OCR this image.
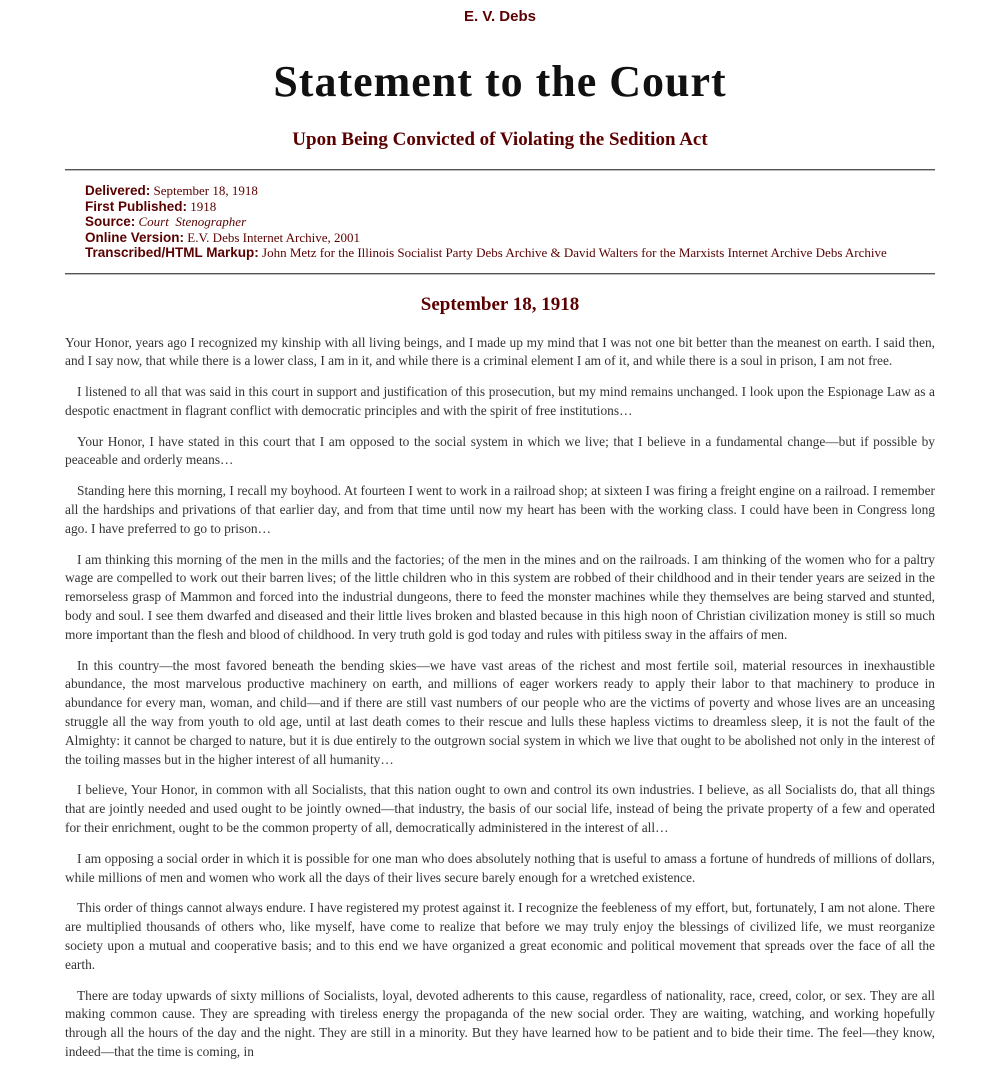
E. V. Debs
Statement to the Court
Upon Being Convicted of Violating the Sedition Act
Delivered: September 18, 1918
First Published: 1918
Source: Court  Stenographer
Online Version: E.V. Debs Internet Archive, 2001
Transcribed/HTML Markup: John Metz for the Illinois Socialist Party Debs Archive & David Walters for the Marxists Internet Archive Debs Archive
September 18, 1918

Your Honor, years ago I recognized my kinship with all living beings, and I made up my mind that I was not one bit better than the meanest on earth. I said then, and I say now, that while there is a lower class, I am in it, and while there is a criminal element I am of it, and while there is a soul in prison, I am not free.

I listened to all that was said in this court in support and justification of this prosecution, but my mind remains unchanged. I look upon the Espionage Law as a despotic enactment in flagrant conflict with democratic principles and with the spirit of free institutions…

Your Honor, I have stated in this court that I am opposed to the social system in which we live; that I believe in a fundamental change—but if possible by peaceable and orderly means…

Standing here this morning, I recall my boyhood. At fourteen I went to work in a railroad shop; at sixteen I was firing a freight engine on a railroad. I remember all the hardships and privations of that earlier day, and from that time until now my heart has been with the working class. I could have been in Congress long ago. I have preferred to go to prison…

I am thinking this morning of the men in the mills and the factories; of the men in the mines and on the railroads. I am thinking of the women who for a paltry wage are compelled to work out their barren lives; of the little children who in this system are robbed of their childhood and in their tender years are seized in the remorseless grasp of Mammon and forced into the industrial dungeons, there to feed the monster machines while they themselves are being starved and stunted, body and soul. I see them dwarfed and diseased and their little lives broken and blasted because in this high noon of Christian civilization money is still so much more important than the flesh and blood of childhood. In very truth gold is god today and rules with pitiless sway in the affairs of men.

In this country—the most favored beneath the bending skies—we have vast areas of the richest and most fertile soil, material resources in inexhaustible abundance, the most marvelous productive machinery on earth, and millions of eager workers ready to apply their labor to that machinery to produce in abundance for every man, woman, and child—and if there are still vast numbers of our people who are the victims of poverty and whose lives are an unceasing struggle all the way from youth to old age, until at last death comes to their rescue and lulls these hapless victims to dreamless sleep, it is not the fault of the Almighty: it cannot be charged to nature, but it is due entirely to the outgrown social system in which we live that ought to be abolished not only in the interest of the toiling masses but in the higher interest of all humanity…

I believe, Your Honor, in common with all Socialists, that this nation ought to own and control its own industries. I believe, as all Socialists do, that all things that are jointly needed and used ought to be jointly owned—that industry, the basis of our social life, instead of being the private property of a few and operated for their enrichment, ought to be the common property of all, democratically administered in the interest of all…

I am opposing a social order in which it is possible for one man who does absolutely nothing that is useful to amass a fortune of hundreds of millions of dollars, while millions of men and women who work all the days of their lives secure barely enough for a wretched existence.

This order of things cannot always endure. I have registered my protest against it. I recognize the feebleness of my effort, but, fortunately, I am not alone. There are multiplied thousands of others who, like myself, have come to realize that before we may truly enjoy the blessings of civilized life, we must reorganize society upon a mutual and cooperative basis; and to this end we have organized a great economic and political movement that spreads over the face of all the earth.

There are today upwards of sixty millions of Socialists, loyal, devoted adherents to this cause, regardless of nationality, race, creed, color, or sex. They are all making common cause. They are spreading with tireless energy the propaganda of the new social order. They are waiting, watching, and working hopefully through all the hours of the day and the night. They are still in a minority. But they have learned how to be patient and to bide their time. The feel—they know, indeed—that the time is coming, in
